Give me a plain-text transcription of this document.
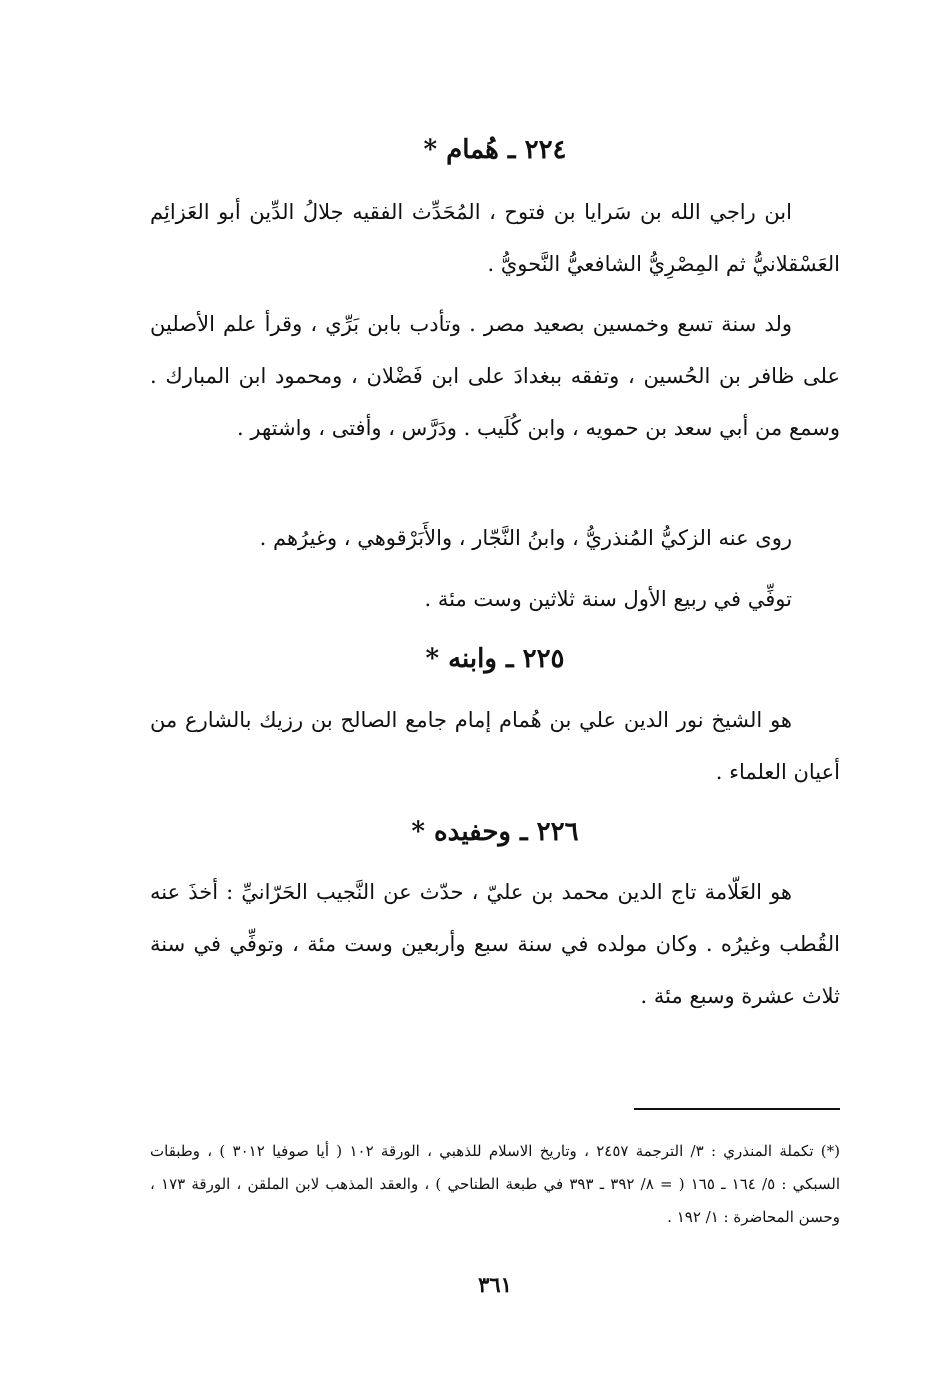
٢٢٤ ـ هُمام *

ابن راجي الله بن سَرايا بن فتوح ، المُحَدِّث الفقيه جلالُ الدِّين أبو العَزائِم العَسْقلانيُّ ثم المِصْرِيُّ الشافعيُّ النَّحويُّ .

ولد سنة تسع وخمسين بصعيد مصر . وتأدب بابن بَرِّي ، وقرأ علم الأصلين على ظافر بن الحُسين ، وتفقه ببغدادَ على ابن فَضْلان ، ومحمود ابن المبارك . وسمع من أبي سعد بن حمويه ، وابن كُلَيب . ودَرَّس ، وأفتى ، واشتهر .

روى عنه الزكيُّ المُنذريُّ ، وابنُ النَّجّار ، والأَبَرْقوهي ، وغيرُهم .

توفِّي في ربيع الأول سنة ثلاثين وست مئة .

٢٢٥ ـ وابنه *

هو الشيخ نور الدين علي بن هُمام إمام جامع الصالح بن رزيك بالشارع من أعيان العلماء .

٢٢٦ ـ وحفيده *

هو العَلّامة تاج الدين محمد بن عليّ ، حدّث عن النَّجيب الحَرّانيِّ : أخذَ عنه القُطب وغيرُه . وكان مولده في سنة سبع وأربعين وست مئة ، وتوفِّي في سنة ثلاث عشرة وسبع مئة .

(*) تكملة المنذري : ٣/ الترجمة ٢٤٥٧ ، وتاريخ الاسلام للذهبي ، الورقة ١٠٢ ( أيا صوفيا ٣٠١٢ ) ، وطبقات السبكي : ٥/ ١٦٤ ـ ١٦٥ ( = ٨/ ٣٩٢ ـ ٣٩٣ في طبعة الطناحي ) ، والعقد المذهب لابن الملقن ، الورقة ١٧٣ ، وحسن المحاضرة : ١/ ١٩٢ .

٣٦١
